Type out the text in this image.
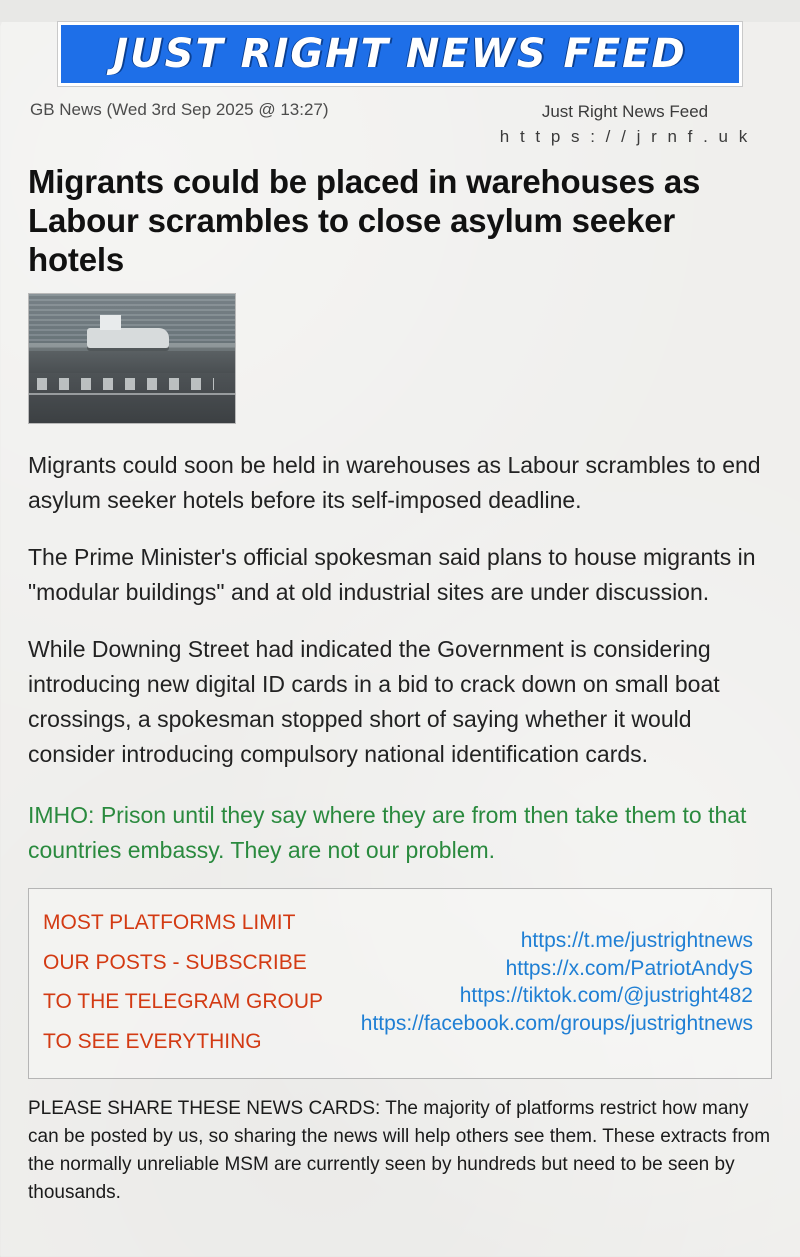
JUST RIGHT NEWS FEED
GB News (Wed 3rd Sep 2025 @ 13:27)	Just Right News Feed
h t t p s : / / j r n f . u k
Migrants could be placed in warehouses as Labour scrambles to close asylum seeker hotels

Migrants could soon be held in warehouses as Labour scrambles to end asylum seeker hotels before its self-imposed deadline.

The Prime Minister's official spokesman said plans to house migrants in "modular buildings" and at old industrial sites are under discussion.

While Downing Street had indicated the Government is considering introducing new digital ID cards in a bid to crack down on small boat crossings, a spokesman stopped short of saying whether it would consider introducing compulsory national identification cards.

IMHO: Prison until they say where they are from then take them to that countries embassy. They are not our problem.
MOST PLATFORMS LIMIT
OUR POSTS - SUBSCRIBE
TO THE TELEGRAM GROUP
TO SEE EVERYTHING
https://t.me/justrightnews
https://x.com/PatriotAndyS
https://tiktok.com/@justright482
https://facebook.com/groups/justrightnews
PLEASE SHARE THESE NEWS CARDS: The majority of platforms restrict how many can be posted by us, so sharing the news will help others see them. These extracts from the normally unreliable MSM are currently seen by hundreds but need to be seen by thousands.
